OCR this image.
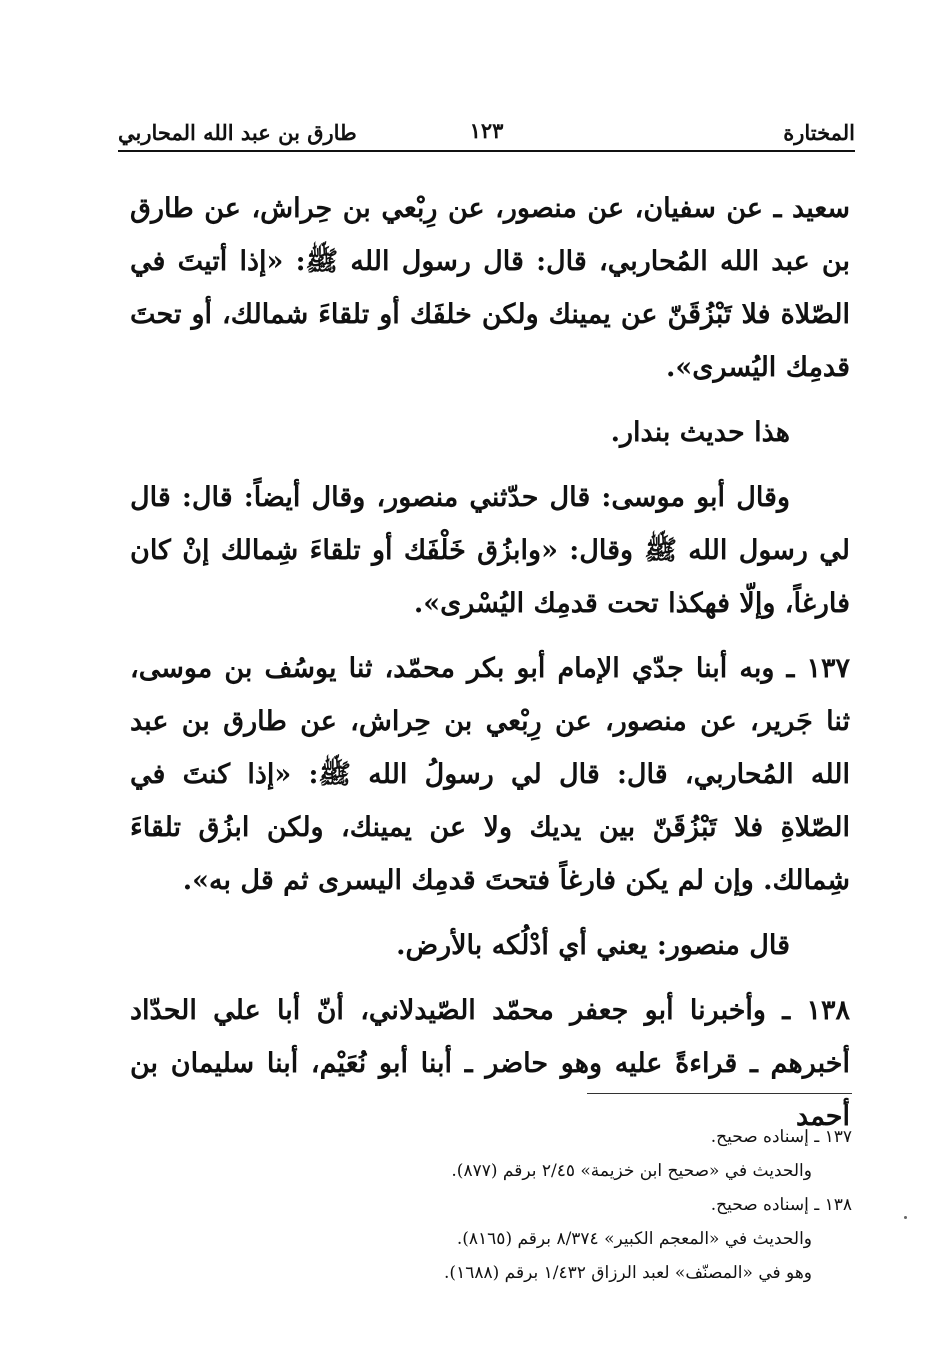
المختارة
١٢٣
طارق بن عبد الله المحاربي

سعيد ـ عن سفيان، عن منصور، عن رِبْعي بن حِراش، عن طارق بن عبد الله المُحاربي، قال: قال رسول الله ﷺ: «إذا أتيتَ في الصّلاة فلا تَبْزُقَنّ عن يمينك ولكن خلفَك أو تلقاءَ شمالك، أو تحتَ قدمِك اليُسرى».

هذا حديث بندار.

وقال أبو موسى: قال حدّثني منصور، وقال أيضاً: قال: قال لي رسول الله ﷺ وقال: «وابزُق خَلْفَك أو تلقاءَ شِمالك إنْ كان فارغاً، وإلّا فهكذا تحت قدمِك اليُسْرى».

١٣٧ ـ وبه أبنا جدّي الإمام أبو بكر محمّد، ثنا يوسُف بن موسى، ثنا جَرير، عن منصور، عن رِبْعي بن حِراش، عن طارق بن عبد الله المُحاربي، قال: قال لي رسولُ الله ﷺ: «إذا كنتَ في الصّلاةِ فلا تَبْزُقَنّ بين يديك ولا عن يمينك، ولكن ابزُق تلقاءَ شِمالك. وإن لم يكن فارغاً فتحتَ قدمِك اليسرى ثم قل به».

قال منصور: يعني أي أدْلُكه بالأرض.

١٣٨ ـ وأخبرنا أبو جعفر محمّد الصّيدلاني، أنّ أبا علي الحدّاد أخبرهم ـ قراءةً عليه وهو حاضر ـ أبنا أبو نُعَيْم، أبنا سليمان بن أحمد

١٣٧ ـ إسناده صحيح.

والحديث في «صحيح ابن خزيمة» ٢/٤٥ برقم (٨٧٧).

١٣٨ ـ إسناده صحيح.

والحديث في «المعجم الكبير» ٨/٣٧٤ برقم (٨١٦٥).

وهو في «المصنّف» لعبد الرزاق ١/٤٣٢ برقم (١٦٨٨).
